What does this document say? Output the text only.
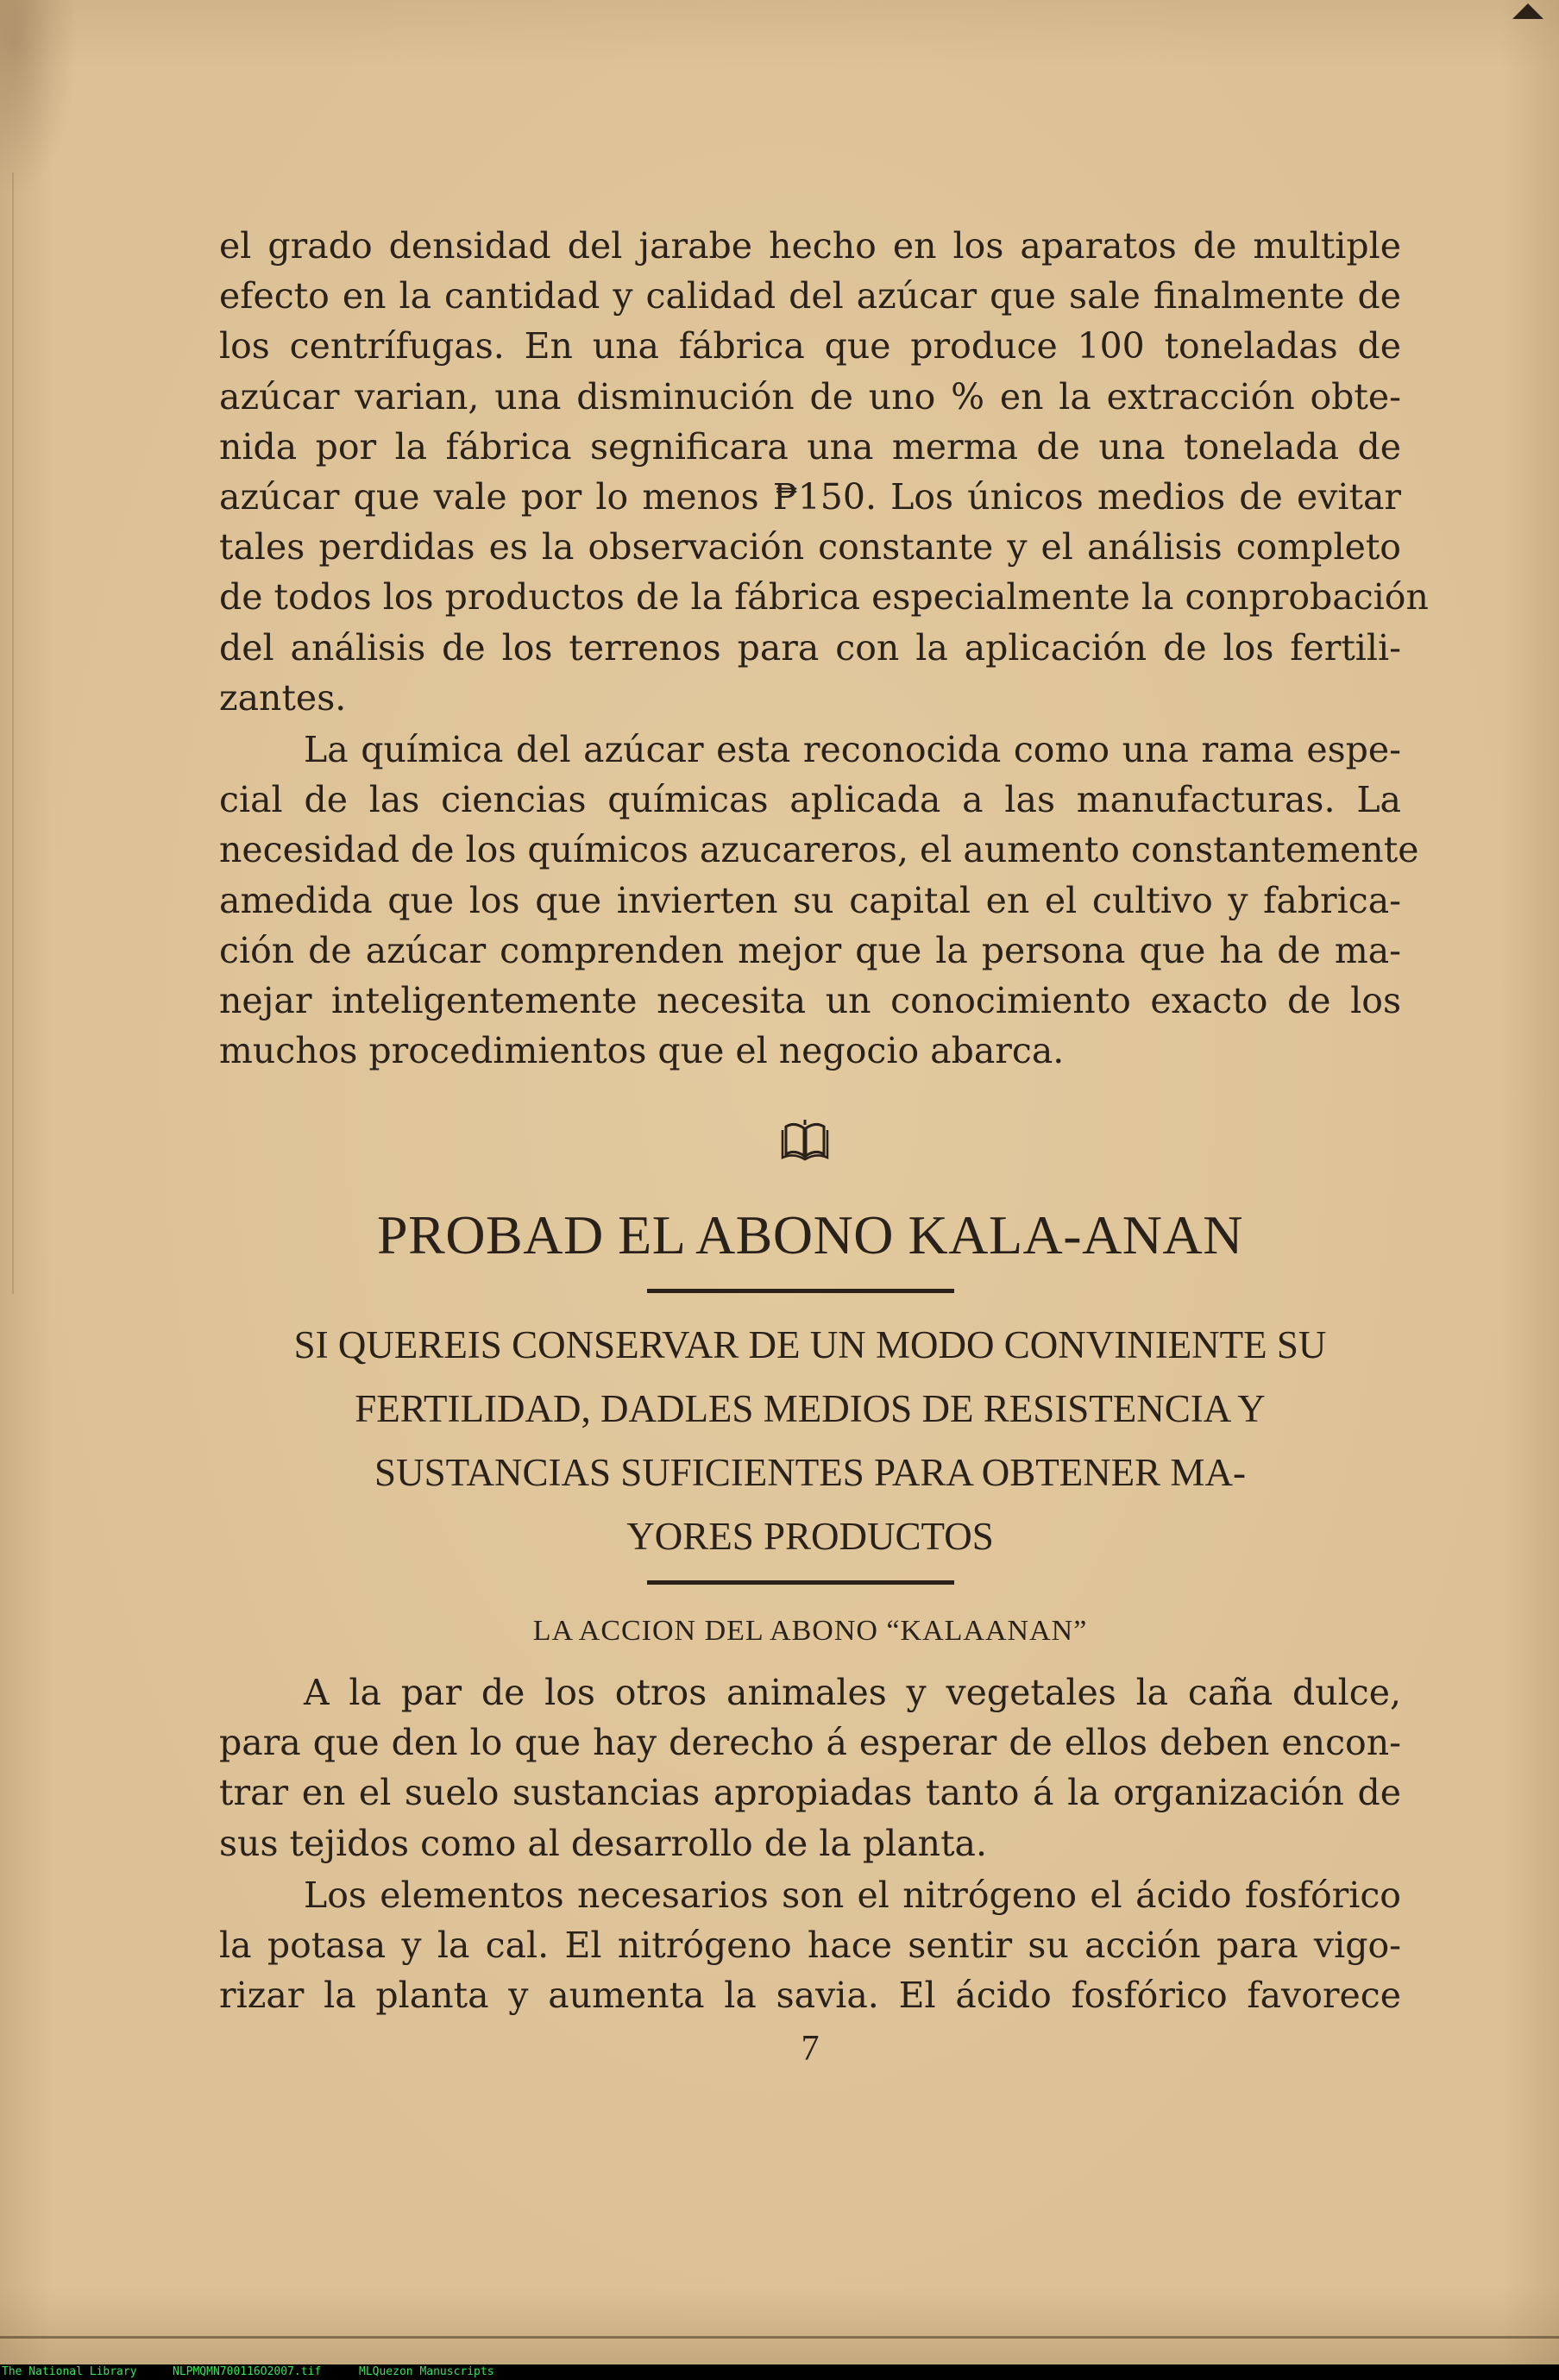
el grado densidad del jarabe hecho en los aparatos de multiple
efecto en la cantidad y calidad del azúcar que sale finalmente de
los centrífugas. En una fábrica que produce 100 toneladas de
azúcar varian, una disminución de uno % en la extracción obte-
nida por la fábrica segnificara una merma de una tonelada de
azúcar que vale por lo menos ₱150. Los únicos medios de evitar
tales perdidas es la observación constante y el análisis completo
de todos los productos de la fábrica especialmente la conprobación
del análisis de los terrenos para con la aplicación de los fertili-
zantes.
La química del azúcar esta reconocida como una rama espe-
cial de las ciencias químicas aplicada a las manufacturas. La
necesidad de los químicos azucareros, el aumento constantemente
amedida que los que invierten su capital en el cultivo y fabrica-
ción de azúcar comprenden mejor que la persona que ha de ma-
nejar inteligentemente necesita un conocimiento exacto de los
muchos procedimientos que el negocio abarca.
PROBAD EL ABONO KALA-ANAN
SI QUEREIS CONSERVAR DE UN MODO CONVINIENTE SU
FERTILIDAD, DADLES MEDIOS DE RESISTENCIA Y
SUSTANCIAS SUFICIENTES PARA OBTENER MA-
YORES PRODUCTOS
LA ACCION DEL ABONO “KALAANAN”
A la par de los otros animales y vegetales la caña dulce,
para que den lo que hay derecho á esperar de ellos deben encon-
trar en el suelo sustancias apropiadas tanto á la organización de
sus tejidos como al desarrollo de la planta.
Los elementos necesarios son el nitrógeno el ácido fosfórico
la potasa y la cal. El nitrógeno hace sentir su acción para vigo-
rizar la planta y aumenta la savia. El ácido fosfórico favorece
7
The National Library	NLPMQMN700116O2007.tif	MLQuezon Manuscripts
